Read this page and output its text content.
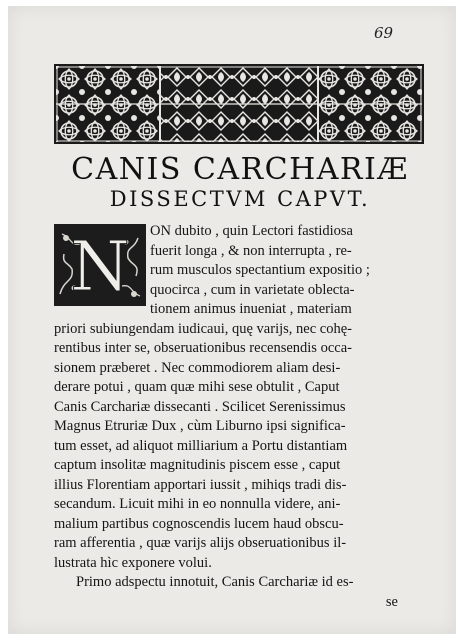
69
CANIS CARCHARIÆ
DISSECTVM CAPVT.
N	ON dubito , quin Lectori fastidiosa
fuerit longa , & non interrupta , re-
rum musculos spectantium expositio ;
quocirca , cum in varietate oblecta-
tionem animus inueniat , materiam
priori subiungendam iudicaui, quę varijs, nec cohę-
rentibus inter se, obseruationibus recensendis occa-
sionem præberet . Nec commodiorem aliam desi-
derare potui , quam quæ mihi sese obtulit , Caput
Canis Carchariæ dissecanti . Scilicet Serenissimus
Magnus Etruriæ Dux , cùm Liburno ipsi significa-
tum esset, ad aliquot milliarium a Portu distantiam
captum insolitæ magnitudinis piscem esse , caput
illius Florentiam apportari iussit , mihiqs tradi dis-
secandum. Licuit mihi in eo nonnulla videre, ani-
malium partibus cognoscendis lucem haud obscu-
ram afferentia , quæ varijs alijs obseruationibus il-
lustrata hìc exponere volui.
Primo adspectu innotuit, Canis Carchariæ id es-
se
